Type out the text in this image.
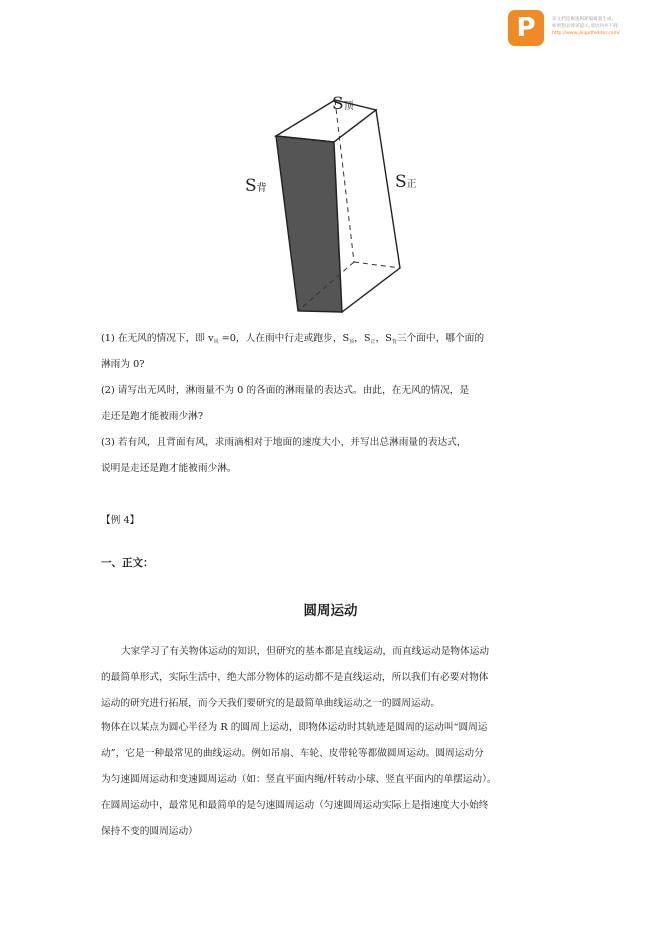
P	该文档是极速PDF编辑器生成,
如果想去掉该提示,请访问并下载:
http://www.jisupdfeditor.com/
S顶
S背	S正
(1) 在无风的情况下，即 $v_风 =0$，人在雨中行走或跑步，$S_顶$，$S_正$，$S_背$三个面中，哪个面的
淋雨为 0?
(2) 请写出无风时，淋雨量不为 0 的各面的淋雨量的表达式。由此，在无风的情况，是
走还是跑才能被雨少淋?
(3) 若有风，且背面有风，求雨滴相对于地面的速度大小，并写出总淋雨量的表达式，
说明是走还是跑才能被雨少淋。
【例 4】
一、正文：
圆周运动
大家学习了有关物体运动的知识，但研究的基本都是直线运动，而直线运动是物体运动
的最简单形式，实际生活中，绝大部分物体的运动都不是直线运动，所以我们有必要对物体
运动的研究进行拓展，而今天我们要研究的是最简单曲线运动之一的圆周运动。
物体在以某点为圆心半径为 R 的圆周上运动，即物体运动时其轨迹是圆周的运动叫“圆周运
动”，它是一种最常见的曲线运动。例如吊扇、车轮、皮带轮等都做圆周运动。圆周运动分
为匀速圆周运动和变速圆周运动（如：竖直平面内绳/杆转动小球、竖直平面内的单摆运动）。
在圆周运动中，最常见和最简单的是匀速圆周运动（匀速圆周运动实际上是指速度大小始终
保持不变的圆周运动）
